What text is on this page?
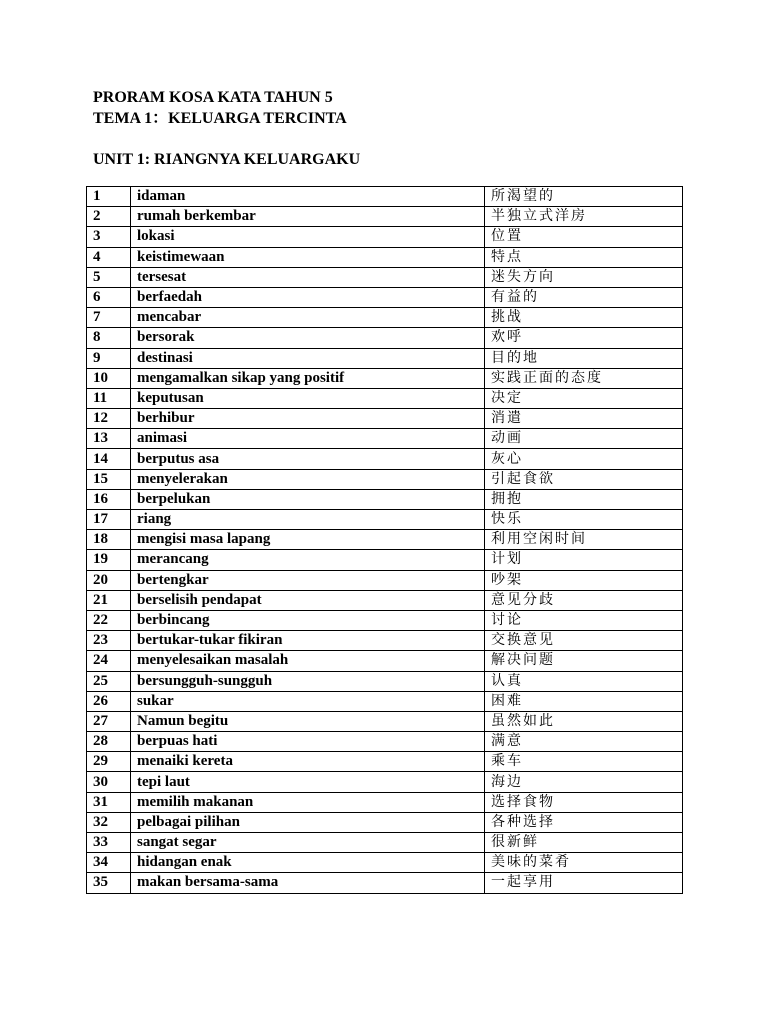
PRORAM KOSA KATA TAHUN 5
TEMA 1：KELUARGA TERCINTA
UNIT 1: RIANGNYA KELUARGAKU
1	idaman	所渴望的
2	rumah berkembar	半独立式洋房
3	lokasi	位置
4	keistimewaan	特点
5	tersesat	迷失方向
6	berfaedah	有益的
7	mencabar	挑战
8	bersorak	欢呼
9	destinasi	目的地
10	mengamalkan sikap yang positif	实践正面的态度
11	keputusan	决定
12	berhibur	消遣
13	animasi	动画
14	berputus asa	灰心
15	menyelerakan	引起食欲
16	berpelukan	拥抱
17	riang	快乐
18	mengisi masa lapang	利用空闲时间
19	merancang	计划
20	bertengkar	吵架
21	berselisih pendapat	意见分歧
22	berbincang	讨论
23	bertukar-tukar fikiran	交换意见
24	menyelesaikan masalah	解决问题
25	bersungguh-sungguh	认真
26	sukar	困难
27	Namun begitu	虽然如此
28	berpuas hati	满意
29	menaiki kereta	乘车
30	tepi laut	海边
31	memilih makanan	选择食物
32	pelbagai pilihan	各种选择
33	sangat segar	很新鲜
34	hidangan enak	美味的菜肴
35	makan bersama-sama	一起享用
